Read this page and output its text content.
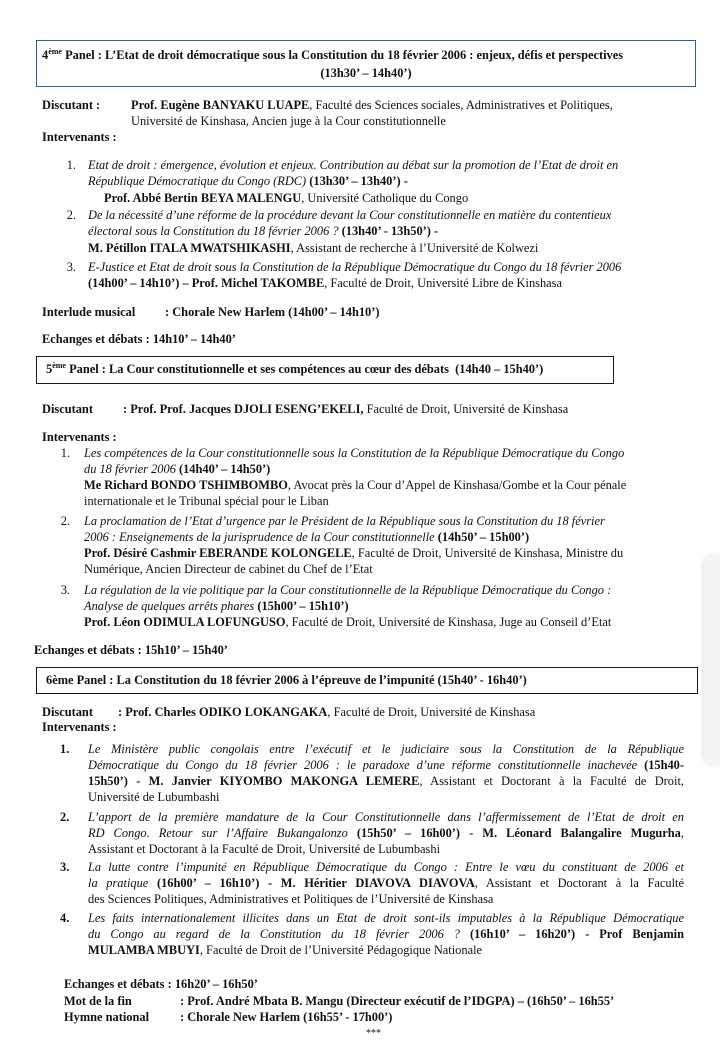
4ème Panel : L’Etat de droit démocratique sous la Constitution du 18 février 2006 : enjeux, défis et perspectives
(13h30’ – 14h40’)
Discutant : Prof. Eugène BANYAKU LUAPE, Faculté des Sciences sociales, Administratives et Politiques,
Université de Kinshasa, Ancien juge à la Cour constitutionnelle
Intervenants :
1. Etat de droit : émergence, évolution et enjeux. Contribution au débat sur la promotion de l’Etat de droit en
République Démocratique du Congo (RDC) (13h30’ – 13h40’) -
Prof. Abbé Bertin BEYA MALENGU, Université Catholique du Congo
2. De la nécessité d’une réforme de la procédure devant la Cour constitutionnelle en matière du contentieux
électoral sous la Constitution du 18 février 2006 ? (13h40’ - 13h50’) -
M. Pétillon ITALA MWATSHIKASHI, Assistant de recherche à l’Université de Kolwezi
3. E-Justice et Etat de droit sous la Constitution de la République Démocratique du Congo du 18 février 2006
(14h00’ – 14h10’) – Prof. Michel TAKOMBE, Faculté de Droit, Université Libre de Kinshasa
Interlude musical : Chorale New Harlem (14h00’ – 14h10’)
Echanges et débats : 14h10’ – 14h40’
5ème Panel : La Cour constitutionnelle et ses compétences au cœur des débats (14h40 – 15h40’)
Discutant : Prof. Prof. Jacques DJOLI ESENG’EKELI, Faculté de Droit, Université de Kinshasa
Intervenants :
1. Les compétences de la Cour constitutionnelle sous la Constitution de la République Démocratique du Congo
du 18 février 2006 (14h40’ – 14h50’)
Me Richard BONDO TSHIMBOMBO, Avocat près la Cour d’Appel de Kinshasa/Gombe et la Cour pénale
internationale et le Tribunal spécial pour le Liban
2. La proclamation de l’Etat d’urgence par le Président de la République sous la Constitution du 18 février
2006 : Enseignements de la jurisprudence de la Cour constitutionnelle (14h50’ – 15h00’)
Prof. Désiré Cashmir EBERANDE KOLONGELE, Faculté de Droit, Université de Kinshasa, Ministre du
Numérique, Ancien Directeur de cabinet du Chef de l’Etat
3. La régulation de la vie politique par la Cour constitutionnelle de la République Démocratique du Congo :
Analyse de quelques arrêts phares (15h00’ – 15h10’)
Prof. Léon ODIMULA LOFUNGUSO, Faculté de Droit, Université de Kinshasa, Juge au Conseil d’Etat
Echanges et débats : 15h10’ – 15h40’
6ème Panel : La Constitution du 18 février 2006 à l’épreuve de l’impunité (15h40’ - 16h40’)
Discutant : Prof. Charles ODIKO LOKANGAKA, Faculté de Droit, Université de Kinshasa
Intervenants :
1. Le Ministère public congolais entre l’exécutif et le judiciaire sous la Constitution de la République
Démocratique du Congo du 18 février 2006 : le paradoxe d’une réforme constitutionnelle inachevée (15h40-
15h50’) - M. Janvier KIYOMBO MAKONGA LEMERE, Assistant et Doctorant à la Faculté de Droit,
Université de Lubumbashi
2. L’apport de la première mandature de la Cour Constitutionnelle dans l’affermissement de l’Etat de droit en
RD Congo. Retour sur l’Affaire Bukangalonzo (15h50’ – 16h00’) - M. Léonard Balangalire Mugurha,
Assistant et Doctorant à la Faculté de Droit, Université de Lubumbashi
3. La lutte contre l’impunité en République Démocratique du Congo : Entre le vœu du constituant de 2006 et
la pratique (16h00’ – 16h10’) - M. Héritier DIAVOVA DIAVOVA, Assistant et Doctorant à la Faculté
des Sciences Politiques, Administratives et Politiques de l’Université de Kinshasa
4. Les faits internationalement illicites dans un Etat de droit sont-ils imputables à la République Démocratique
du Congo au regard de la Constitution du 18 février 2006 ? (16h10’ – 16h20’) - Prof Benjamin
MULAMBA MBUYI, Faculté de Droit de l’Université Pédagogique Nationale
Echanges et débats : 16h20’ – 16h50’
Mot de la fin	: Prof. André Mbata B. Mangu (Directeur exécutif de l’IDGPA) – (16h50’ – 16h55’
Hymne national : Chorale New Harlem (16h55’ - 17h00’)
***
